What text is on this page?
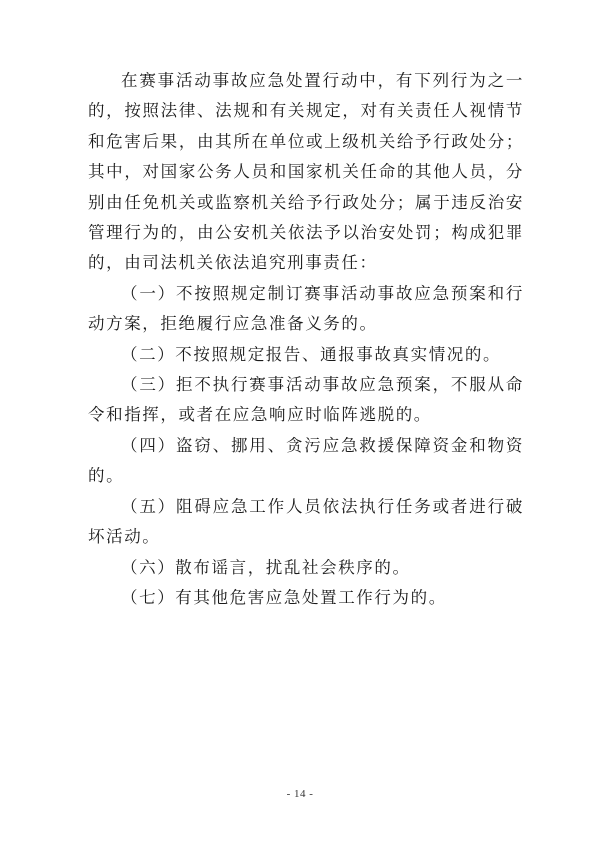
在赛事活动事故应急处置行动中，有下列行为之一的，按照法律、法规和有关规定，对有关责任人视情节和危害后果，由其所在单位或上级机关给予行政处分；其中，对国家公务人员和国家机关任命的其他人员，分别由任免机关或监察机关给予行政处分；属于违反治安管理行为的，由公安机关依法予以治安处罚；构成犯罪的，由司法机关依法追究刑事责任：

（一）不按照规定制订赛事活动事故应急预案和行动方案，拒绝履行应急准备义务的。

（二）不按照规定报告、通报事故真实情况的。

（三）拒不执行赛事活动事故应急预案，不服从命令和指挥，或者在应急响应时临阵逃脱的。

（四）盗窃、挪用、贪污应急救援保障资金和物资的。

（五）阻碍应急工作人员依法执行任务或者进行破坏活动。

（六）散布谣言，扰乱社会秩序的。

（七）有其他危害应急处置工作行为的。

- 14 -
